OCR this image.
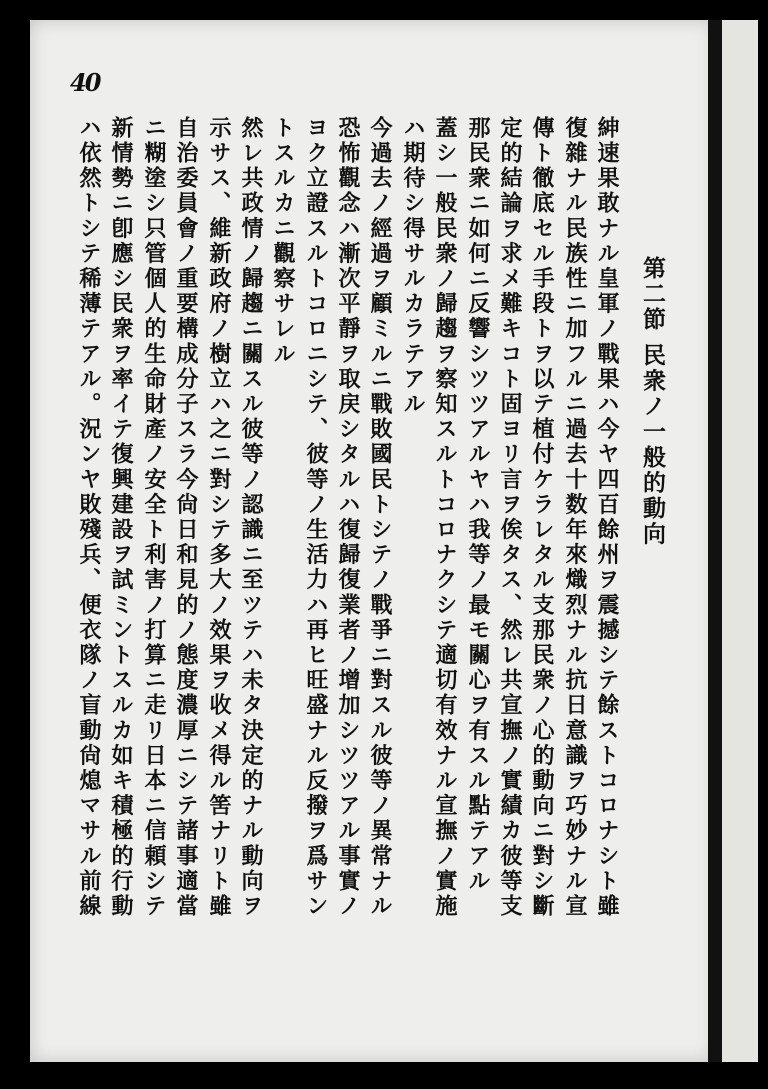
40
第二節 民衆ノ一般的動向
紳速果敢ナル皇軍ノ戰果ハ今ヤ四百餘州ヲ震撼シテ餘ストコロナシト雖
復雜ナル民族性ニ加フルニ過去十数年來熾烈ナル抗日意識ヲ巧妙ナル宣
傳ト徹底セル手段トヲ以テ植付ケラレタル支那民衆ノ心的動向ニ對シ斷
定的結論ヲ求メ難キコト固ヨリ言ヲ俟タス、然レ共宣撫ノ實績カ彼等支
那民衆ニ如何ニ反響シツツアルヤハ我等ノ最モ關心ヲ有スル點テアル
蓋シ一般民衆ノ歸趨ヲ察知スルトコロナクシテ適切有效ナル宣撫ノ實施
ハ期待シ得サルカラテアル
今過去ノ經過ヲ顧ミルニ戰敗國民トシテノ戰爭ニ對スル彼等ノ異常ナル
恐怖觀念ハ漸次平靜ヲ取戻シタルハ復歸復業者ノ增加シツツアル事實ノ
ヨク立證スルトコロニシテ、彼等ノ生活力ハ再ヒ旺盛ナル反撥ヲ爲サン
トスルカニ觀察サレル
然レ共政情ノ歸趨ニ關スル彼等ノ認識ニ至ツテハ未タ決定的ナル動向ヲ
示サス、維新政府ノ樹立ハ之ニ對シテ多大ノ效果ヲ收メ得ル筈ナリト雖
自治委員會ノ重要構成分子スラ今尙日和見的ノ態度濃厚ニシテ諸事適當
ニ糊塗シ只管個人的生命財產ノ安全ト利害ノ打算ニ走リ日本ニ信頼シテ
新情勢ニ卽應シ民衆ヲ率イテ復興建設ヲ試ミントスルカ如キ積極的行動
ハ依然トシテ稀薄テアル。況ンヤ敗殘兵、便衣隊ノ盲動尙熄マサル前線
